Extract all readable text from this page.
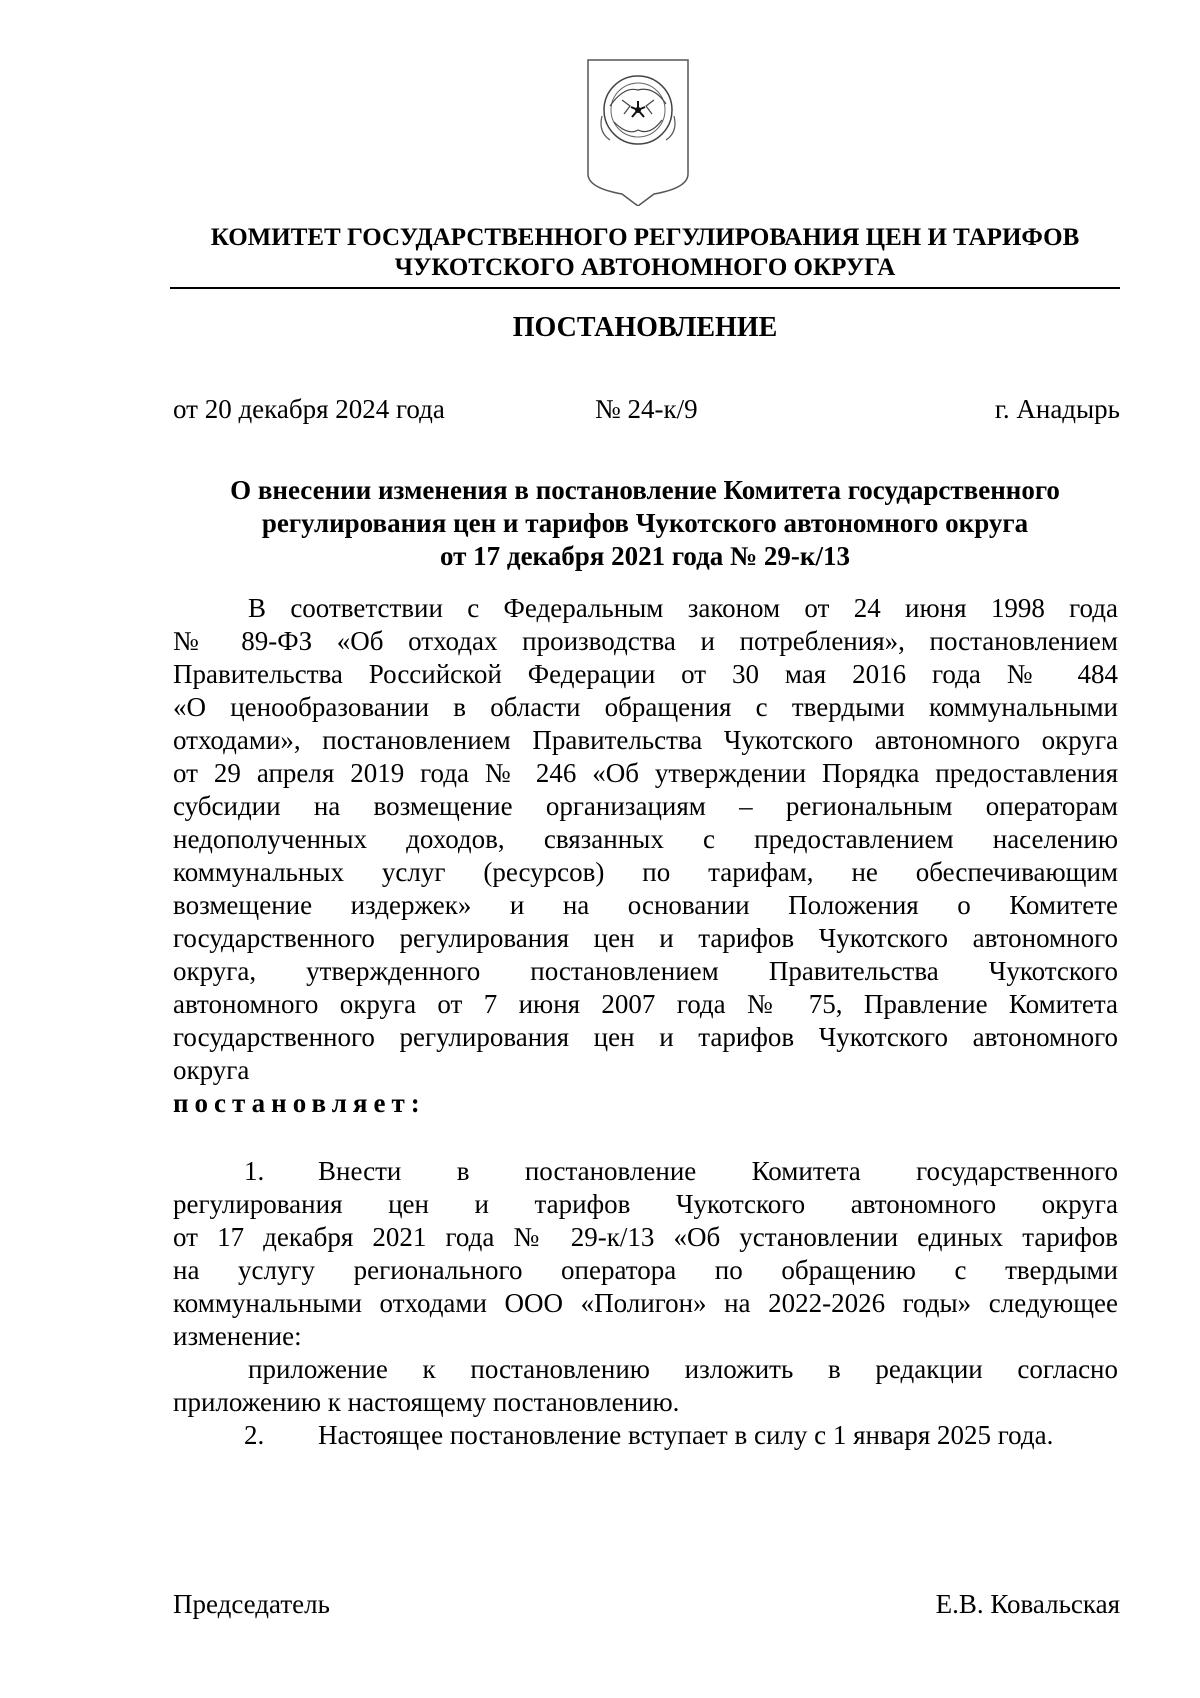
КОМИТЕТ ГОСУДАРСТВЕННОГО РЕГУЛИРОВАНИЯ ЦЕН И ТАРИФОВ
ЧУКОТСКОГО АВТОНОМНОГО ОКРУГА
ПОСТАНОВЛЕНИЕ
от 20 декабря 2024 года	№ 24-к/9	г. Анадырь
О внесении изменения в постановление Комитета государственного
регулирования цен и тарифов Чукотского автономного округа
от 17 декабря 2021 года № 29-к/13
В соответствии с Федеральным законом от 24 июня 1998 года
№ 89-ФЗ «Об отходах производства и потребления», постановлением
Правительства Российской Федерации от 30 мая 2016 года № 484
«О ценообразовании в области обращения с твердыми коммунальными
отходами», постановлением Правительства Чукотского автономного округа
от 29 апреля 2019 года № 246 «Об утверждении Порядка предоставления
субсидии на возмещение организациям – региональным операторам
недополученных доходов, связанных с предоставлением населению
коммунальных услуг (ресурсов) по тарифам, не обеспечивающим
возмещение издержек» и на основании Положения о Комитете
государственного регулирования цен и тарифов Чукотского автономного
округа, утвержденного постановлением Правительства Чукотского
автономного округа от 7 июня 2007 года № 75, Правление Комитета
государственного регулирования цен и тарифов Чукотского автономного
округа
постановляет:
1. Внести в постановление Комитета государственного
регулирования цен и тарифов Чукотского автономного округа
от 17 декабря 2021 года № 29-к/13 «Об установлении единых тарифов
на услугу регионального оператора по обращению с твердыми
коммунальными отходами ООО «Полигон» на 2022-2026 годы» следующее
изменение:
приложение к постановлению изложить в редакции согласно
приложению к настоящему постановлению.
2. Настоящее постановление вступает в силу с 1 января 2025 года.
Председатель	Е.В. Ковальская
